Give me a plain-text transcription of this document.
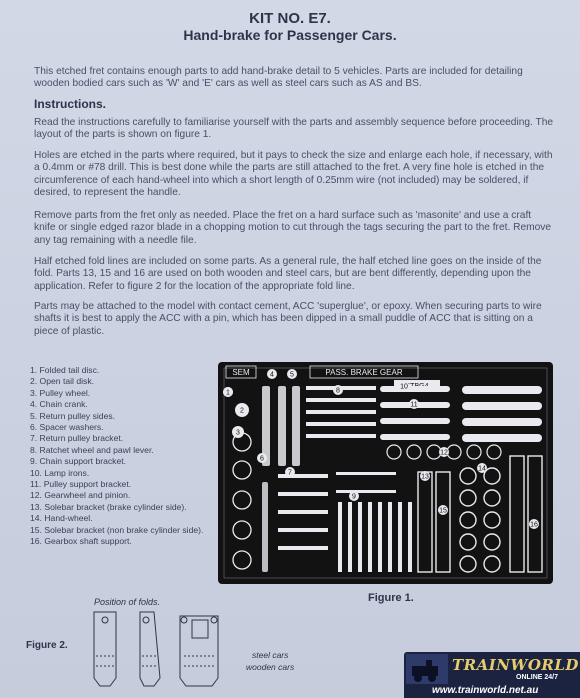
KIT NO. E7.
Hand-brake for Passenger Cars.

This etched fret contains enough parts to add hand-brake detail to 5 vehicles. Parts are included for detailing wooden bodied cars such as 'W' and 'E' cars as well as steel cars such as AS and BS.

Instructions.

Read the instructions carefully to familiarise yourself with the parts and assembly sequence before proceeding. The layout of the parts is shown on figure 1.

Holes are etched in the parts where required, but it pays to check the size and enlarge each hole, if necessary, with a 0.4mm or #78 drill. This is best done while the parts are still attached to the fret. A very fine hole is etched in the circumference of each hand-wheel into which a short length of 0.25mm wire (not included) may be soldered, if desired, to represent the handle.

Remove parts from the fret only as needed. Place the fret on a hard surface such as 'masonite' and use a craft knife or single edged razor blade in a chopping motion to cut through the tags securing the part to the fret. Remove any tag remaining with a needle file.

Half etched fold lines are included on some parts. As a general rule, the half etched line goes on the inside of the fold. Parts 13, 15 and 16 are used on both wooden and steel cars, but are bent differently, depending upon the application. Refer to figure 2 for the location of the appropriate fold line.

Parts may be attached to the model with contact cement, ACC 'superglue', or epoxy. When securing parts to wire shafts it is best to apply the ACC with a pin, which has been dipped in a small puddle of ACC that is sitting on a piece of plastic.

1. Folded tail disc.
2. Open tail disk.
3. Pulley wheel.
4. Chain crank.
5. Return pulley sides.
6. Spacer washers.
7. Return pulley bracket.
8. Ratchet wheel and pawl lever.
9. Chain support bracket.
10. Lamp irons.
11. Pulley support bracket.
12. Gearwheel and pinion.
13. Solebar bracket (brake cylinder side).
14. Hand-wheel.
15. Solebar bracket (non brake cylinder side).
16. Gearbox shaft support.
SEM	PASS. BRAKE GEAR
1
2
3
4 5
6
7
8
9
10
11
12
13
14
15
16
Figure 1.
Position of folds.
Figure 2.
steel cars
wooden cars	TRAINWORLD
ONLINE 24/7
www.trainworld.net.au
